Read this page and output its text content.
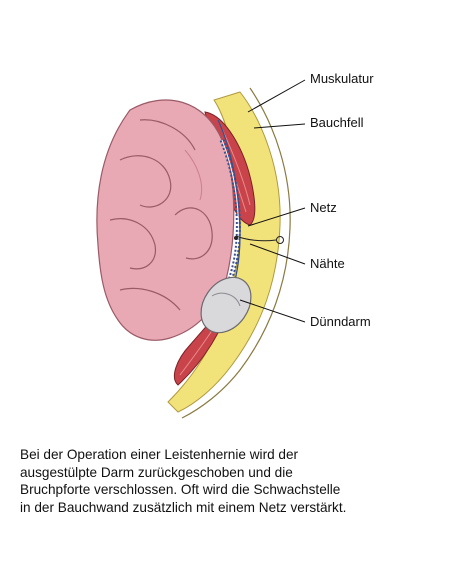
Muskulatur
Bauchfell
Netz
Nähte
Dünndarm
Bei der Operation einer Leistenhernie wird der
ausgestülpte Darm zurückgeschoben und die
Bruchpforte verschlossen. Oft wird die Schwachstelle
in der Bauchwand zusätzlich mit einem Netz verstärkt.
